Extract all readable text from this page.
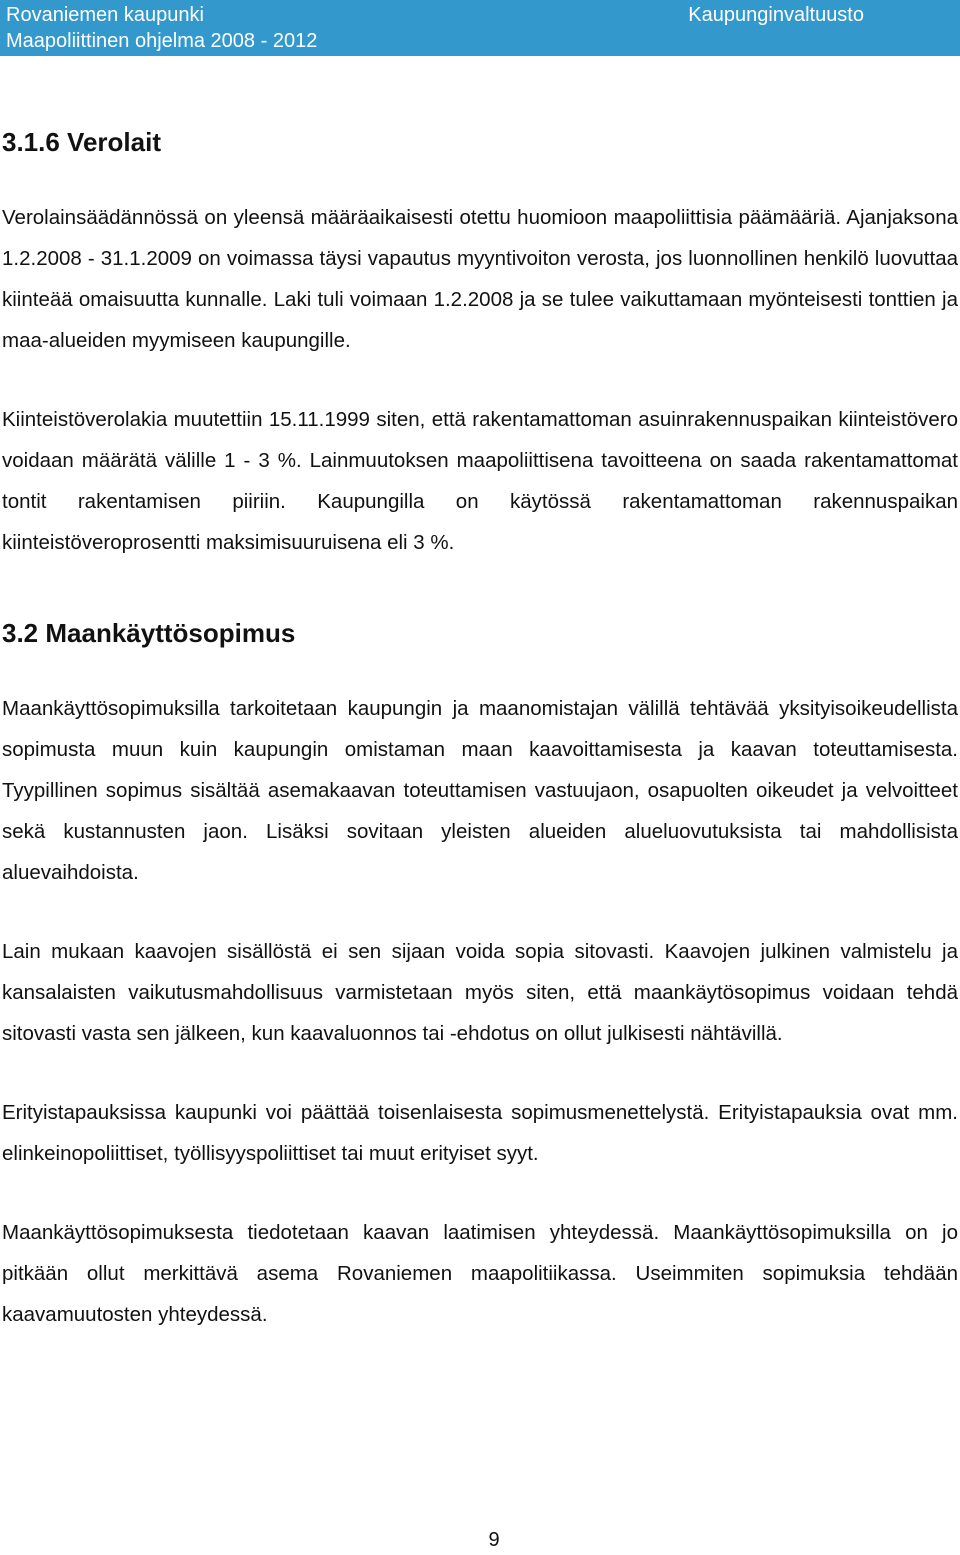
Rovaniemen kaupunki
Maapoliittinen ohjelma 2008 - 2012
Kaupunginvaltuusto
3.1.6 Verolait

Verolainsäädännössä on yleensä määräaikaisesti otettu huomioon maapoliittisia päämääriä. Ajanjaksona 1.2.2008 - 31.1.2009 on voimassa täysi vapautus myyntivoiton verosta, jos luonnollinen henkilö luovuttaa kiinteää omaisuutta kunnalle. Laki tuli voimaan 1.2.2008 ja se tulee vaikuttamaan myönteisesti tonttien ja maa-alueiden myymiseen kaupungille.

Kiinteistöverolakia muutettiin 15.11.1999 siten, että rakentamattoman asuinrakennuspaikan kiinteistövero voidaan määrätä välille 1 - 3 %. Lainmuutoksen maapoliittisena tavoitteena on saada rakentamattomat tontit rakentamisen piiriin. Kaupungilla on käytössä rakentamattoman rakennuspaikan kiinteistöveroprosentti maksimisuuruisena eli 3 %.

3.2 Maankäyttösopimus

Maankäyttösopimuksilla tarkoitetaan kaupungin ja maanomistajan välillä tehtävää yksityisoikeudellista sopimusta muun kuin kaupungin omistaman maan kaavoittamisesta ja kaavan toteuttamisesta. Tyypillinen sopimus sisältää asemakaavan toteuttamisen vastuujaon, osapuolten oikeudet ja velvoitteet sekä kustannusten jaon. Lisäksi sovitaan yleisten alueiden alueluovutuksista tai mahdollisista aluevaihdoista.

Lain mukaan kaavojen sisällöstä ei sen sijaan voida sopia sitovasti. Kaavojen julkinen valmistelu ja kansalaisten vaikutusmahdollisuus varmistetaan myös siten, että maankäytösopimus voidaan tehdä sitovasti vasta sen jälkeen, kun kaavaluonnos tai -ehdotus on ollut julkisesti nähtävillä.

Erityistapauksissa kaupunki voi päättää toisenlaisesta sopimusmenettelystä. Erityistapauksia ovat mm. elinkeinopoliittiset, työllisyyspoliittiset tai muut erityiset syyt.

Maankäyttösopimuksesta tiedotetaan kaavan laatimisen yhteydessä. Maankäyttösopimuksilla on jo pitkään ollut merkittävä asema Rovaniemen maapolitiikassa. Useimmiten sopimuksia tehdään kaavamuutosten yhteydessä.

9
